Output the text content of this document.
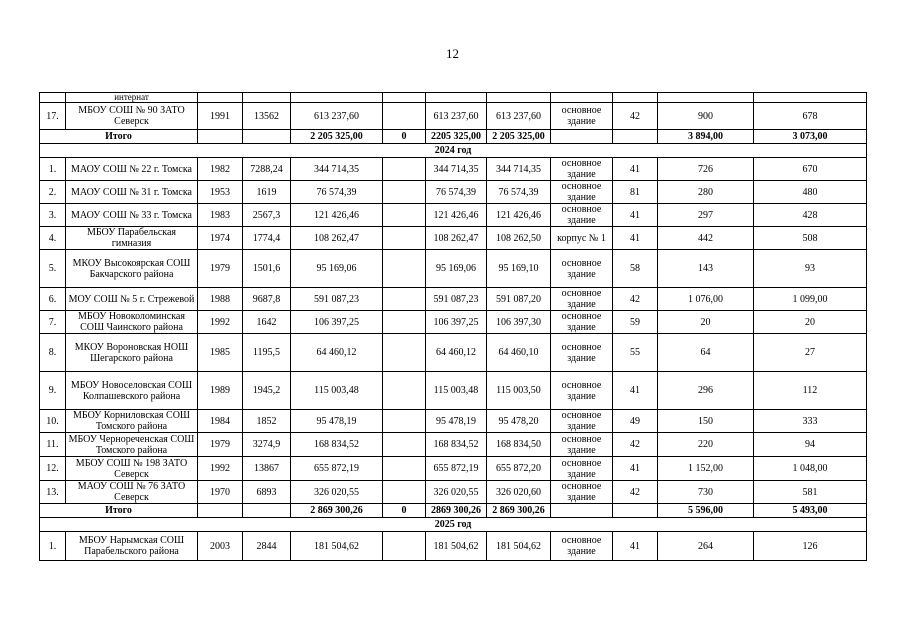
12
	интернат										
17.	МБОУ СОШ № 90 ЗАТО Северск	1991	13562	613 237,60		613 237,60	613 237,60	основное здание	42	900	678
Итого				2 205 325,00	0	2205 325,00	2 205 325,00			3 894,00	3 073,00
2024 год											
1.	МАОУ СОШ № 22 г. Томска	1982	7288,24	344 714,35		344 714,35	344 714,35	основное здание	41	726	670
2.	МАОУ СОШ № 31 г. Томска	1953	1619	76 574,39		76 574,39	76 574,39	основное здание	81	280	480
3.	МАОУ СОШ № 33 г. Томска	1983	2567,3	121 426,46		121 426,46	121 426,46	основное здание	41	297	428
4.	МБОУ Парабельская гимназия	1974	1774,4	108 262,47		108 262,47	108 262,50	корпус № 1	41	442	508
5.	МКОУ Высокоярская СОШ Бакчарского района	1979	1501,6	95 169,06		95 169,06	95 169,10	основное здание	58	143	93
6.	МОУ СОШ № 5 г. Стрежевой	1988	9687,8	591 087,23		591 087,23	591 087,20	основное здание	42	1 076,00	1 099,00
7.	МБОУ Новоколоминская СОШ Чаинского района	1992	1642	106 397,25		106 397,25	106 397,30	основное здание	59	20	20
8.	МКОУ Вороновская НОШ Шегарского района	1985	1195,5	64 460,12		64 460,12	64 460,10	основное здание	55	64	27
9.	МБОУ Новоселовская СОШ Колпашевского района	1989	1945,2	115 003,48		115 003,48	115 003,50	основное здание	41	296	112
10.	МБОУ Корниловская СОШ Томского района	1984	1852	95 478,19		95 478,19	95 478,20	основное здание	49	150	333
11.	МБОУ Чернореченская СОШ Томского района	1979	3274,9	168 834,52		168 834,52	168 834,50	основное здание	42	220	94
12.	МБОУ СОШ № 198 ЗАТО Северск	1992	13867	655 872,19		655 872,19	655 872,20	основное здание	41	1 152,00	1 048,00
13.	МАОУ СОШ № 76 ЗАТО Северск	1970	6893	326 020,55		326 020,55	326 020,60	основное здание	42	730	581
Итого				2 869 300,26	0	2869 300,26	2 869 300,26			5 596,00	5 493,00
2025 год											
1.	МБОУ Нарымская СОШ Парабельского района	2003	2844	181 504,62		181 504,62	181 504,62	основное здание	41	264	126
